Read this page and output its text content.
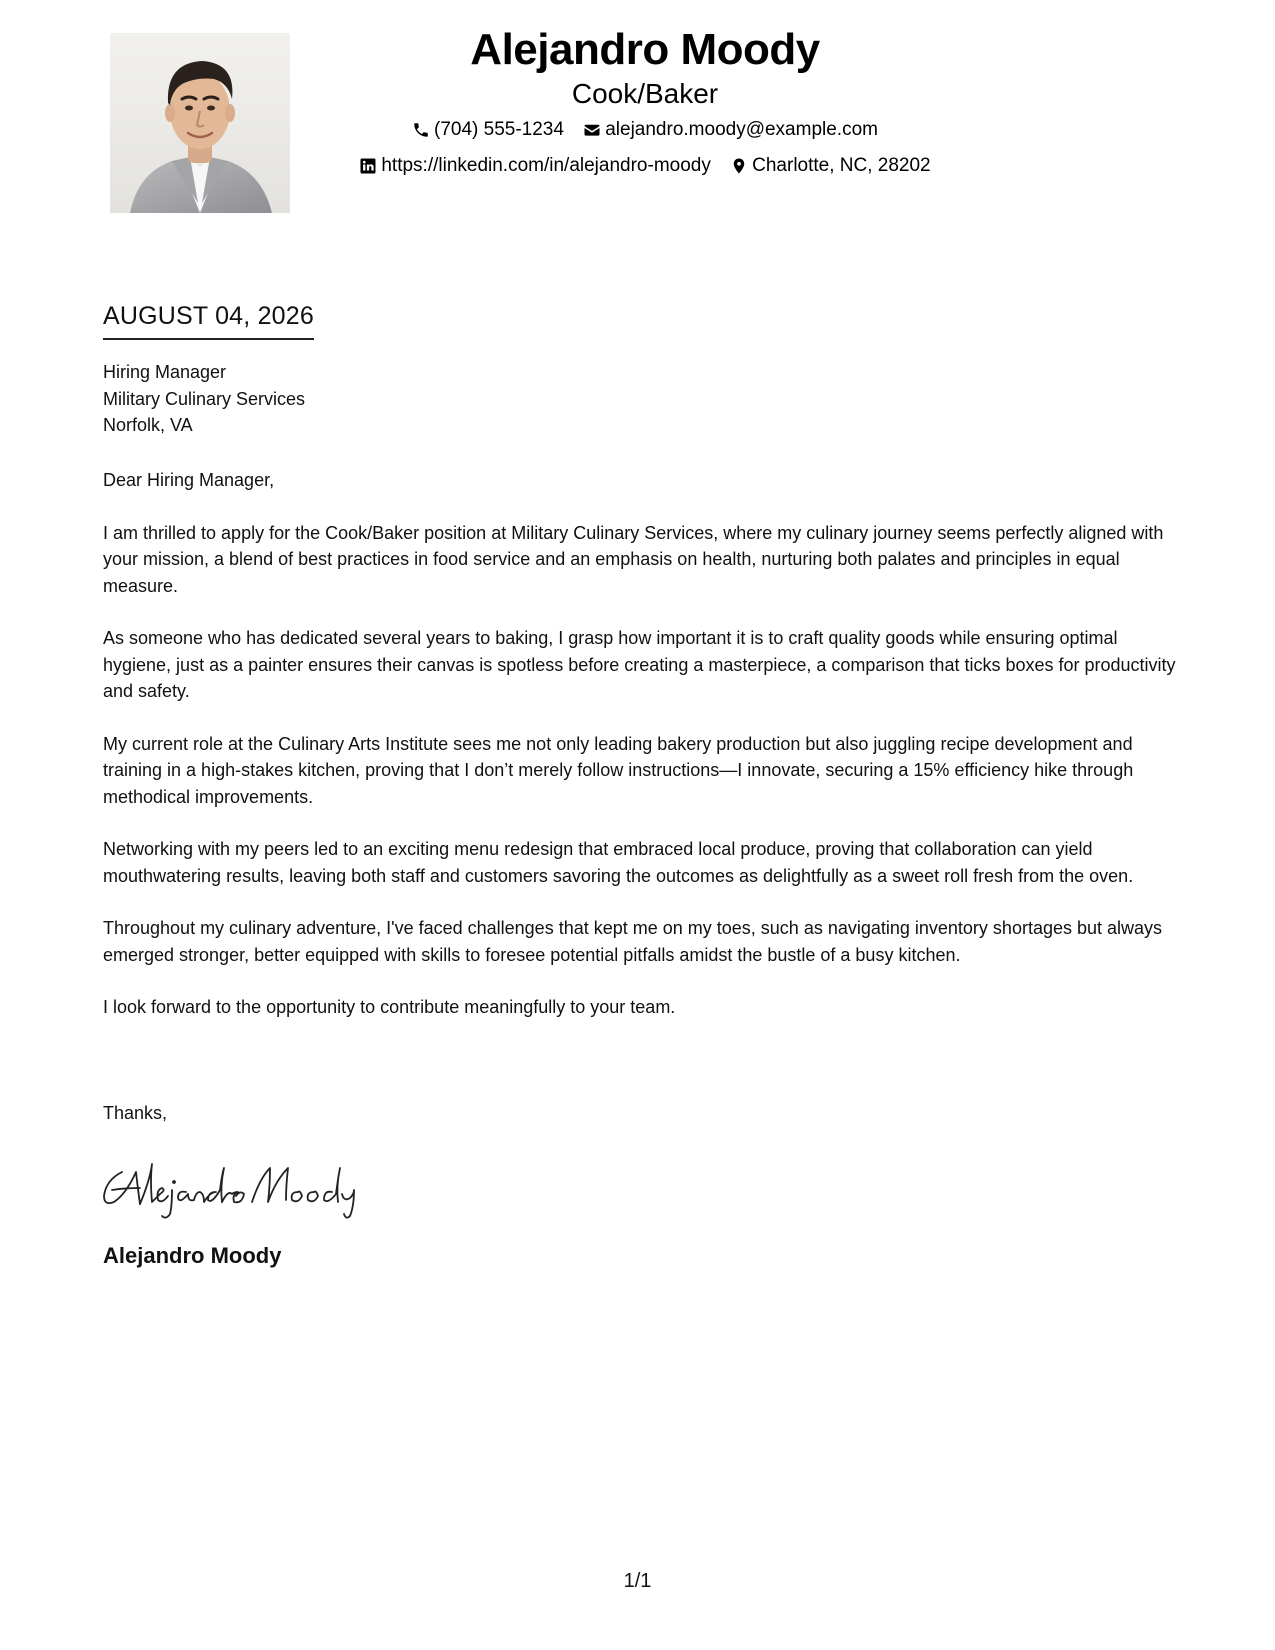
Alejandro Moody
Cook/Baker
(704) 555-1234
alejandro.moody@example.com
https://linkedin.com/in/alejandro-moody
Charlotte, NC, 28202
AUGUST 04, 2026
Hiring Manager
Military Culinary Services
Norfolk, VA

Dear Hiring Manager,

I am thrilled to apply for the Cook/Baker position at Military Culinary Services, where my culinary journey seems perfectly aligned with your mission, a blend of best practices in food service and an emphasis on health, nurturing both palates and principles in equal measure.

As someone who has dedicated several years to baking, I grasp how important it is to craft quality goods while ensuring optimal hygiene, just as a painter ensures their canvas is spotless before creating a masterpiece, a comparison that ticks boxes for productivity and safety.

My current role at the Culinary Arts Institute sees me not only leading bakery production but also juggling recipe development and training in a high-stakes kitchen, proving that I don’t merely follow instructions—I innovate, securing a 15% efficiency hike through methodical improvements.

Networking with my peers led to an exciting menu redesign that embraced local produce, proving that collaboration can yield mouthwatering results, leaving both staff and customers savoring the outcomes as delightfully as a sweet roll fresh from the oven.

Throughout my culinary adventure, I've faced challenges that kept me on my toes, such as navigating inventory shortages but always emerged stronger, better equipped with skills to foresee potential pitfalls amidst the bustle of a busy kitchen.

I look forward to the opportunity to contribute meaningfully to your team.

Thanks,
Alejandro Moody
1/1
